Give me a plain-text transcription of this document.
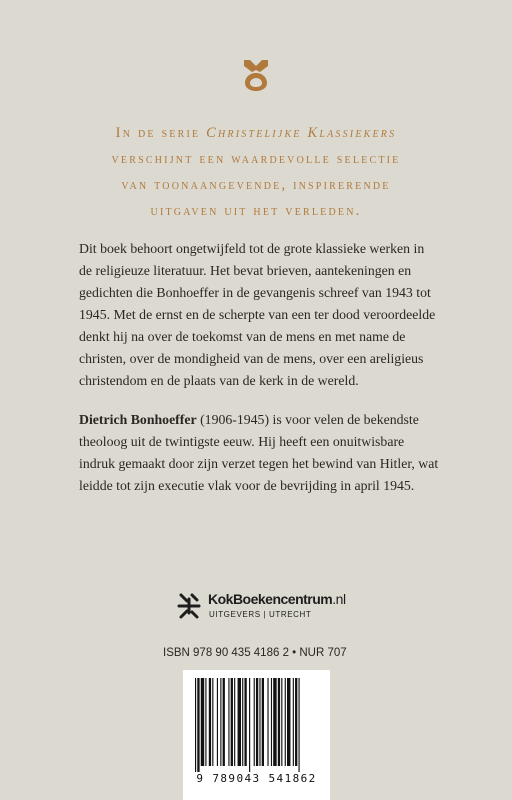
In de serie Christelijke Klassiekers
verschijnt een waardevolle selectie
van toonaangevende, inspirerende
uitgaven uit het verleden.
Dit boek behoort ongetwijfeld tot de grote klassieke werken in de religieuze literatuur. Het bevat brieven, aantekeningen en gedichten die Bonhoeffer in de gevangenis schreef van 1943 tot 1945. Met de ernst en de scherpte van een ter dood veroordeelde denkt hij na over de toekomst van de mens en met name de christen, over de mondigheid van de mens, over een areligieus christendom en de plaats van de kerk in de wereld.
Dietrich Bonhoeffer (1906-1945) is voor velen de bekendste theoloog uit de twintigste eeuw. Hij heeft een onuitwisbare indruk gemaakt door zijn verzet tegen het bewind van Hitler, wat leidde tot zijn executie vlak voor de bevrijding in april 1945.
KokBoekencentrum.nl
UITGEVERS | UTRECHT
ISBN 978 90 435 4186 2 • NUR 707
9 789043 541862
